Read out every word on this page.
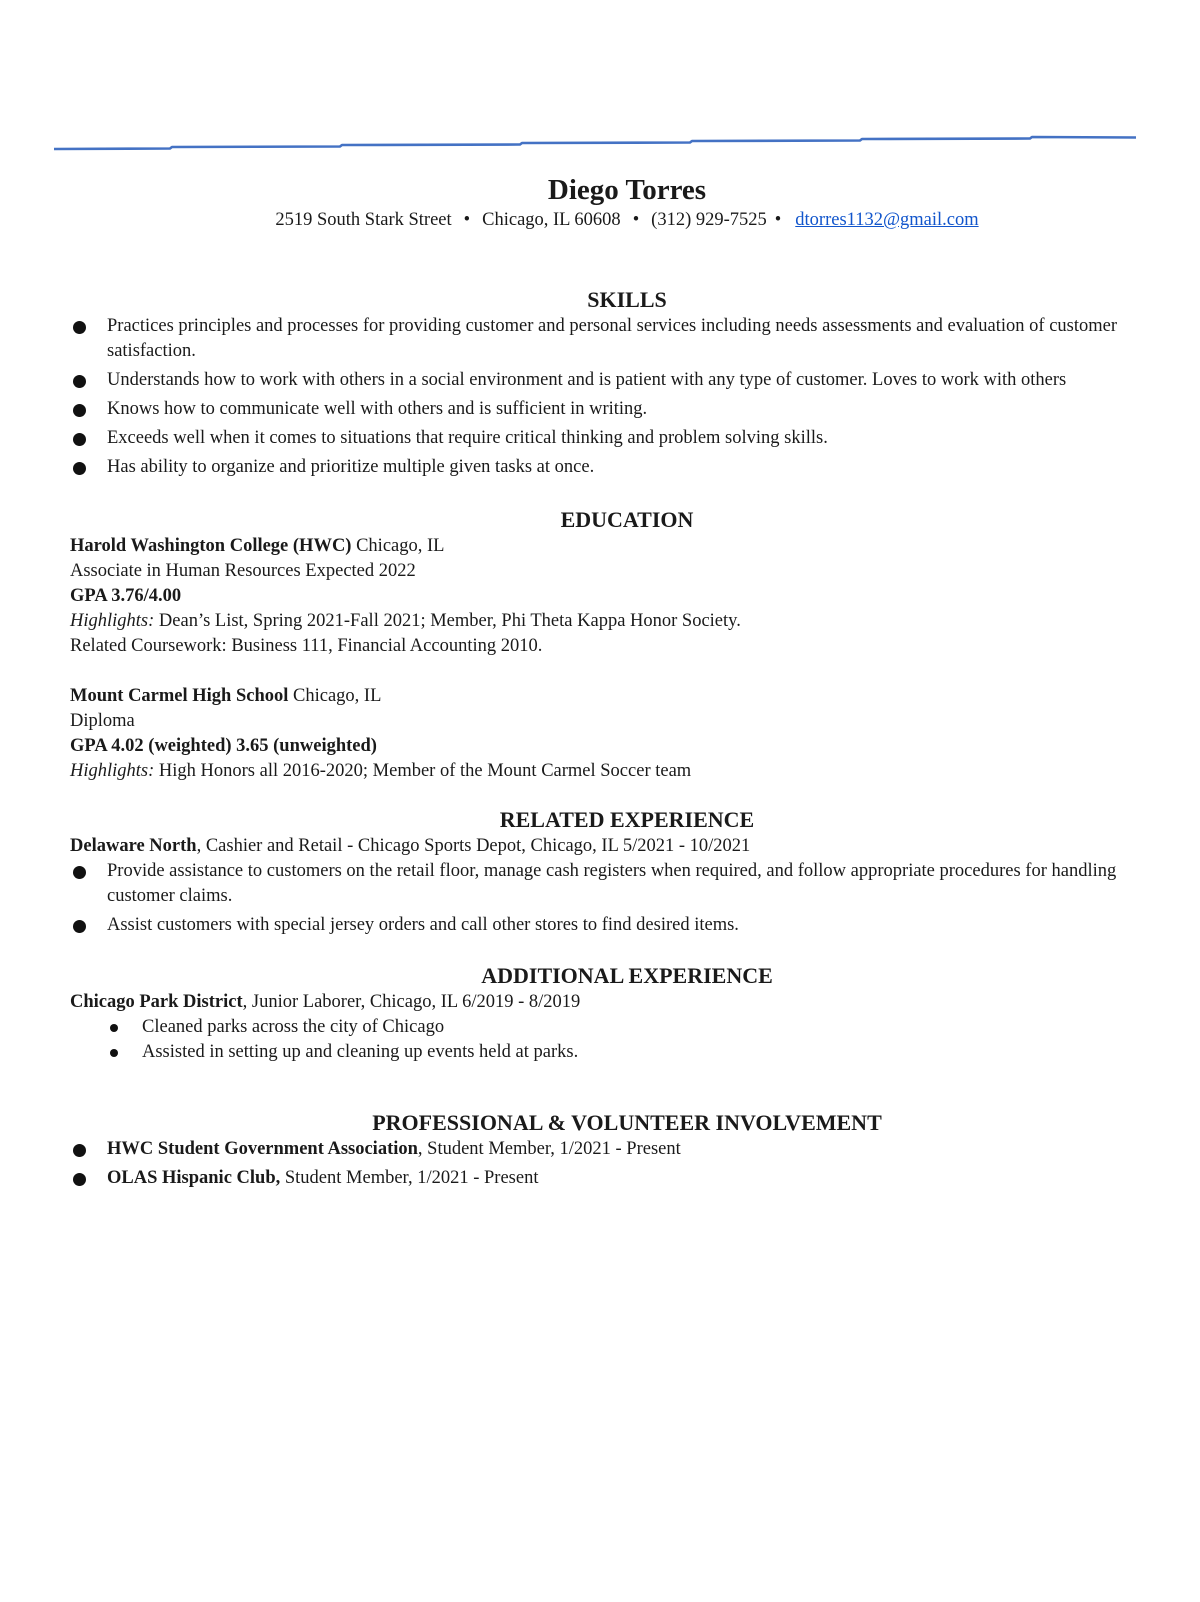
Diego Torres
2519 South Stark Street • Chicago, IL 60608 • (312) 929-7525 • dtorres1132@gmail.com
SKILLS
Practices principles and processes for providing customer and personal services including needs assessments and evaluation of customer satisfaction.
Understands how to work with others in a social environment and is patient with any type of customer. Loves to work with others
Knows how to communicate well with others and is sufficient in writing.
Exceeds well when it comes to situations that require critical thinking and problem solving skills.
Has ability to organize and prioritize multiple given tasks at once.
EDUCATION
Harold Washington College (HWC) Chicago, IL
Associate in Human Resources Expected 2022
GPA 3.76/4.00
Highlights: Dean’s List, Spring 2021-Fall 2021; Member, Phi Theta Kappa Honor Society.
Related Coursework: Business 111, Financial Accounting 2010.
Mount Carmel High School Chicago, IL
Diploma
GPA 4.02 (weighted) 3.65 (unweighted)
Highlights: High Honors all 2016-2020; Member of the Mount Carmel Soccer team
RELATED EXPERIENCE
Delaware North, Cashier and Retail - Chicago Sports Depot, Chicago, IL 5/2021 - 10/2021
Provide assistance to customers on the retail floor, manage cash registers when required, and follow appropriate procedures for handling customer claims.
Assist customers with special jersey orders and call other stores to find desired items.
ADDITIONAL EXPERIENCE
Chicago Park District, Junior Laborer, Chicago, IL 6/2019 - 8/2019
Cleaned parks across the city of Chicago
Assisted in setting up and cleaning up events held at parks.
PROFESSIONAL & VOLUNTEER INVOLVEMENT
HWC Student Government Association, Student Member, 1/2021 - Present
OLAS Hispanic Club, Student Member, 1/2021 - Present
